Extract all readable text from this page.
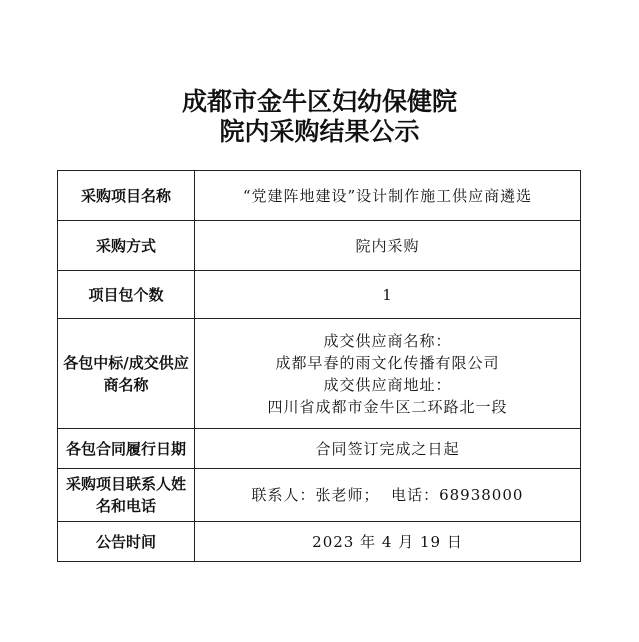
成都市金牛区妇幼保健院
院内采购结果公示
采购项目名称	“党建阵地建设”设计制作施工供应商遴选
采购方式	院内采购
项目包个数	1
各包中标/成交供应商名称	成交供应商名称：
成都早春的雨文化传播有限公司
成交供应商地址：
四川省成都市金牛区二环路北一段

各包合同履行日期	合同签订完成之日起
采购项目联系人姓名和电话	联系人：张老师；  电话：68938000
公告时间	2023 年 4 月 19 日
